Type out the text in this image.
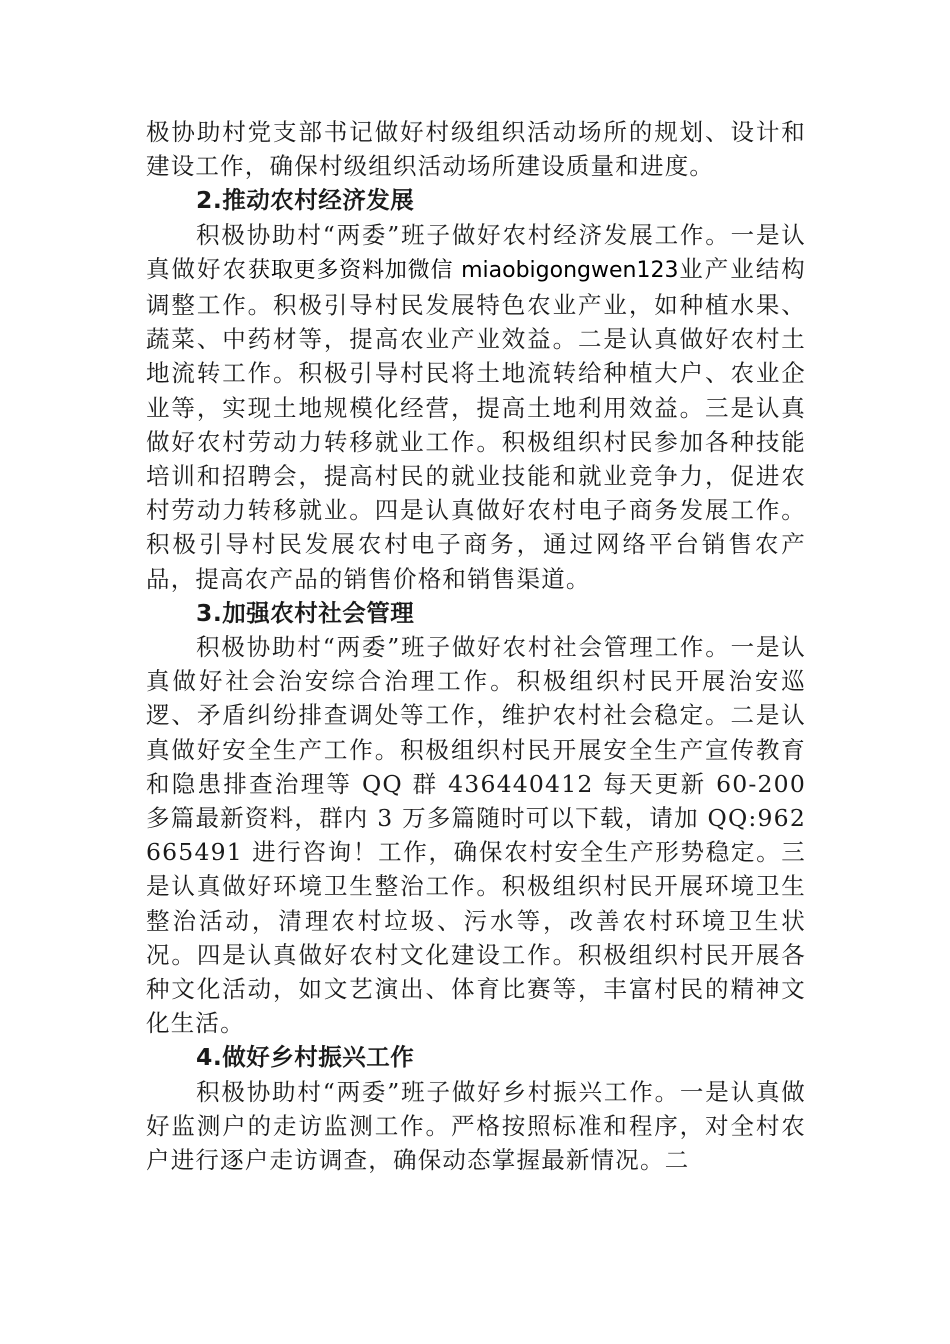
极协助村党支部书记做好村级组织活动场所的规划、设计和建设工作，确保村级组织活动场所建设质量和进度。

2.推动农村经济发展

积极协助村“两委”班子做好农村经济发展工作。一是认真做好农获取更多资料加微信 miaobigongwen123业产业结构调整工作。积极引导村民发展特色农业产业，如种植水果、蔬菜、中药材等，提高农业产业效益。二是认真做好农村土地流转工作。积极引导村民将土地流转给种植大户、农业企业等，实现土地规模化经营，提高土地利用效益。三是认真做好农村劳动力转移就业工作。积极组织村民参加各种技能培训和招聘会，提高村民的就业技能和就业竞争力，促进农村劳动力转移就业。四是认真做好农村电子商务发展工作。积极引导村民发展农村电子商务，通过网络平台销售农产品，提高农产品的销售价格和销售渠道。

3.加强农村社会管理

积极协助村“两委”班子做好农村社会管理工作。一是认真做好社会治安综合治理工作。积极组织村民开展治安巡逻、矛盾纠纷排查调处等工作，维护农村社会稳定。二是认真做好安全生产工作。积极组织村民开展安全生产宣传教育和隐患排查治理等 QQ 群 436440412 每天更新 60-200 多篇最新资料，群内 3 万多篇随时可以下载，请加 QQ:962665491 进行咨询！工作，确保农村安全生产形势稳定。三是认真做好环境卫生整治工作。积极组织村民开展环境卫生整治活动，清理农村垃圾、污水等，改善农村环境卫生状况。四是认真做好农村文化建设工作。积极组织村民开展各种文化活动，如文艺演出、体育比赛等，丰富村民的精神文化生活。

4.做好乡村振兴工作

积极协助村“两委”班子做好乡村振兴工作。一是认真做好监测户的走访监测工作。严格按照标准和程序，对全村农户进行逐户走访调查，确保动态掌握最新情况。二
